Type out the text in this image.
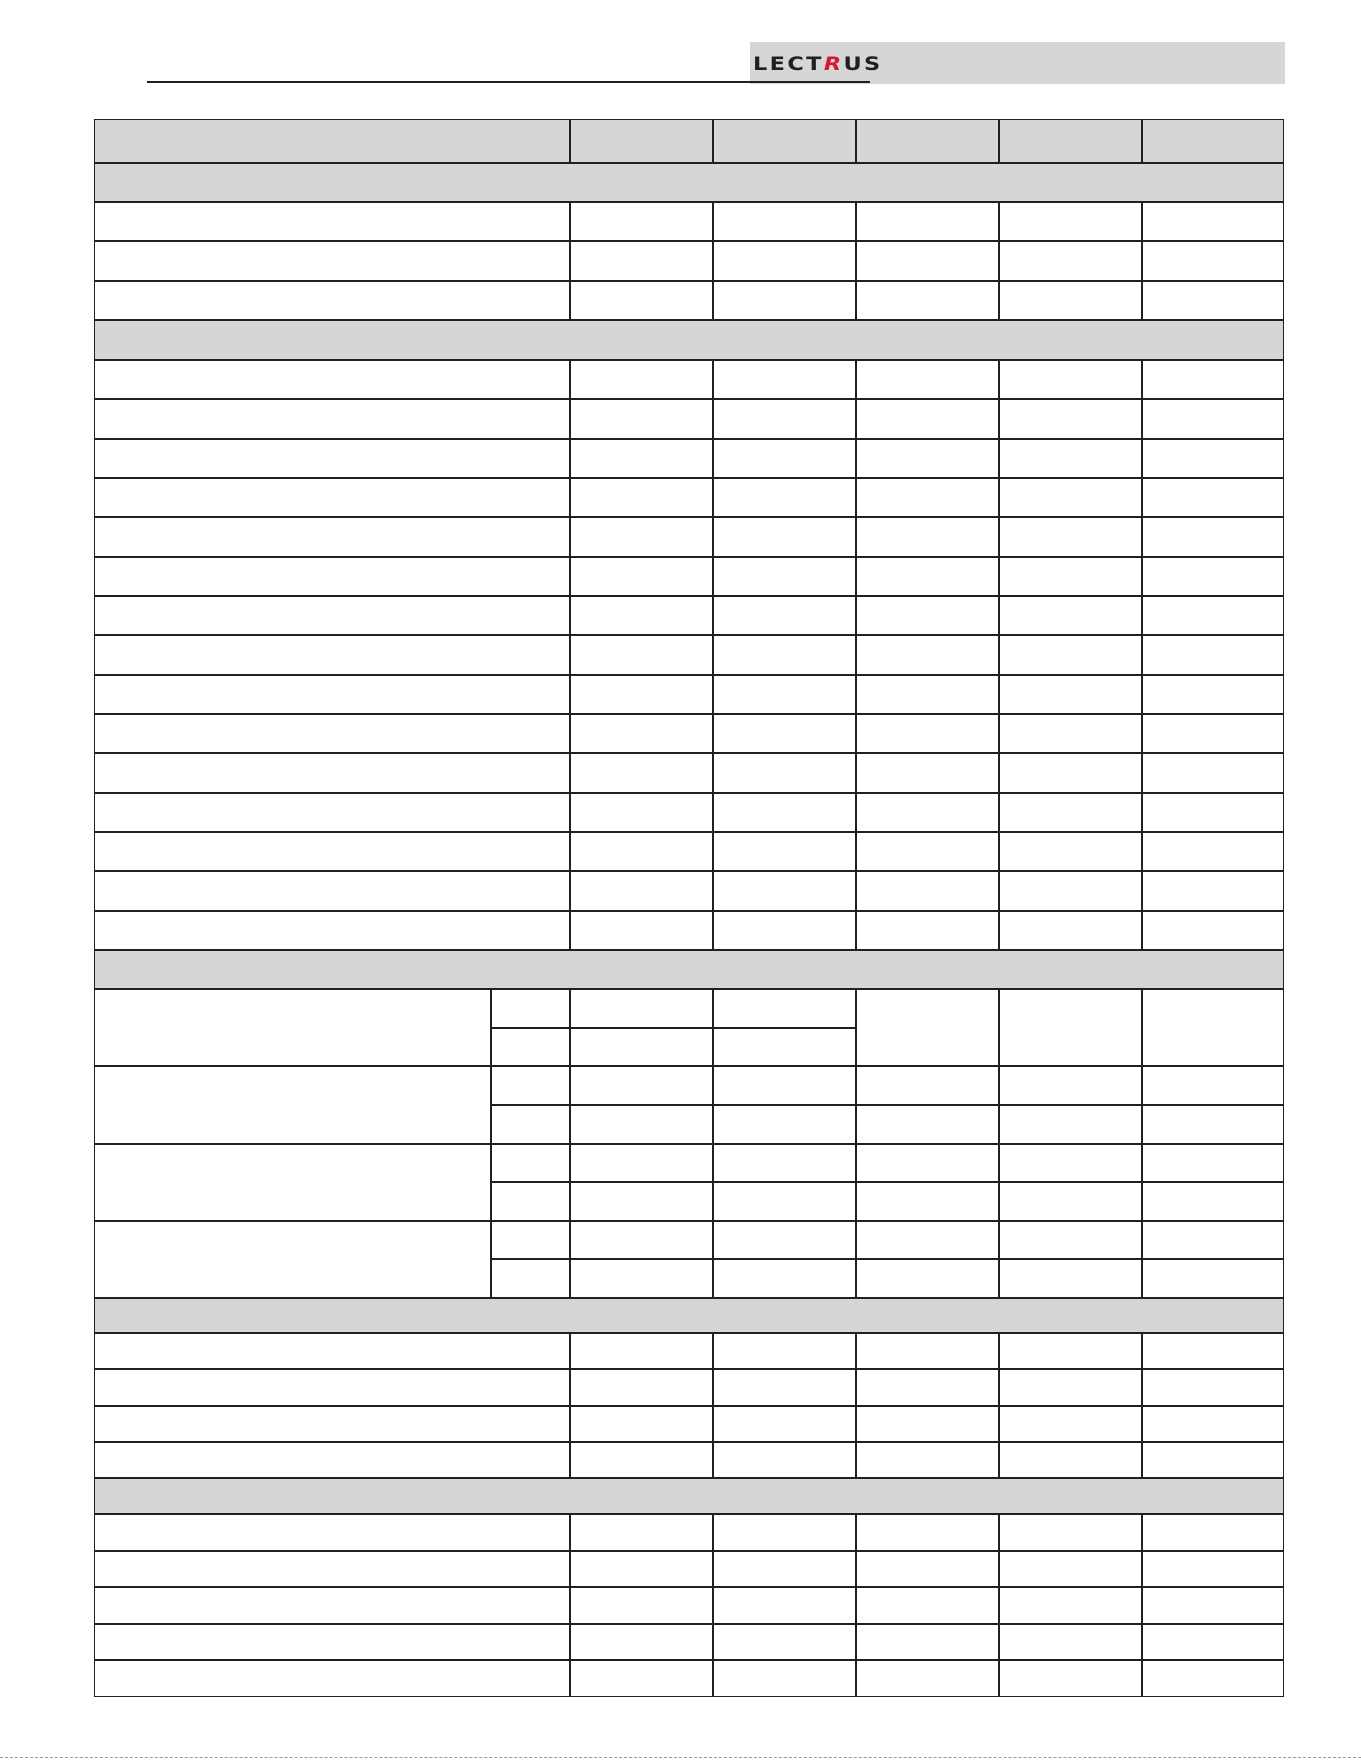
L E C T R U S
